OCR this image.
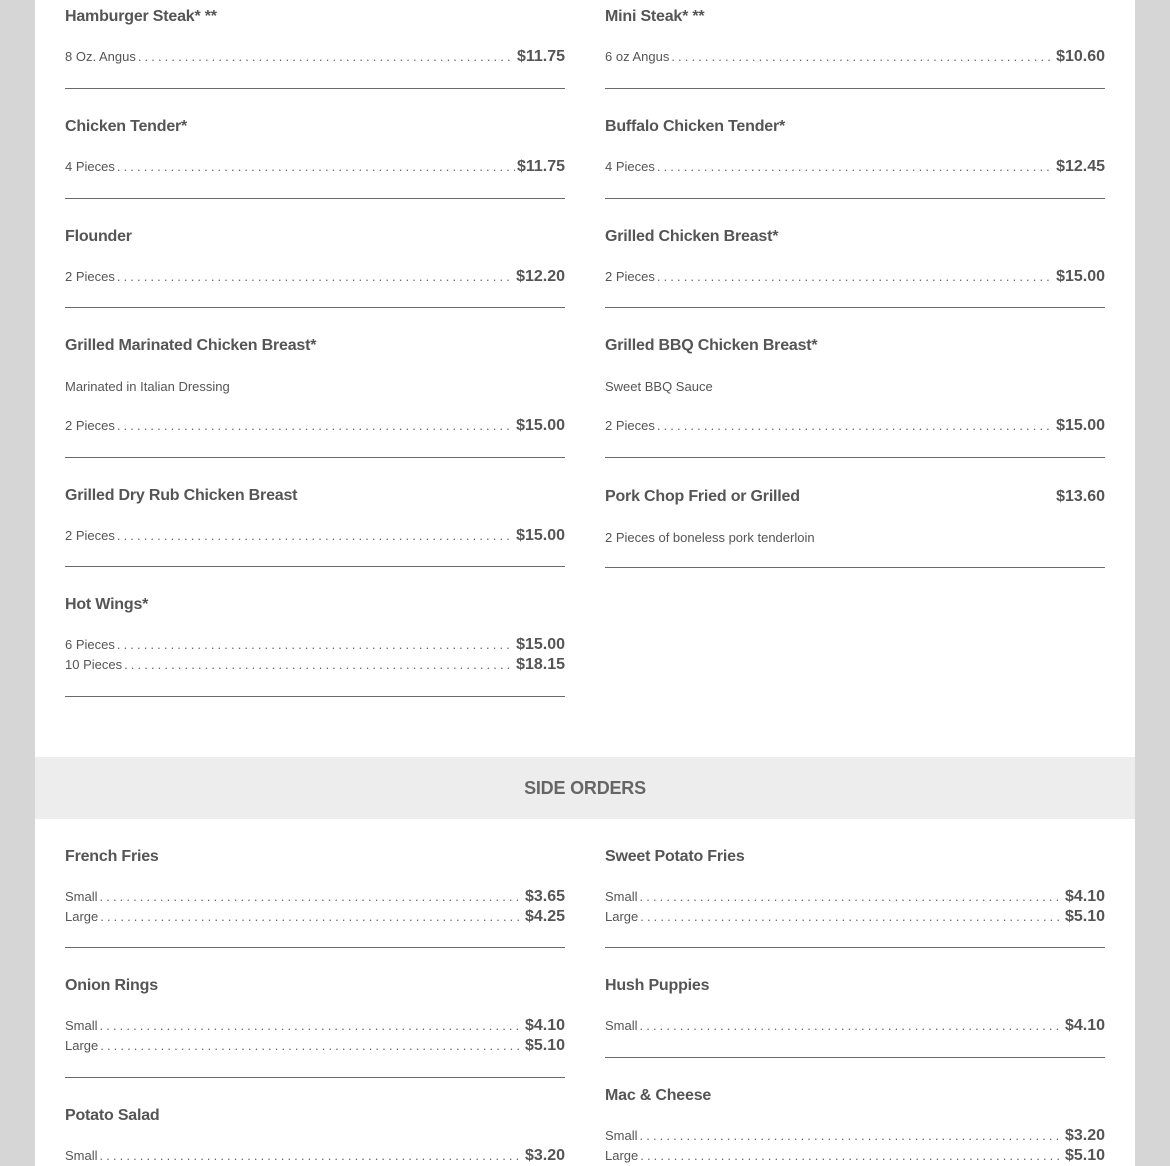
Hamburger Steak* **
8 Oz. Angus .....	$11.75
Chicken Tender*
4 Pieces .....	$11.75
Flounder
2 Pieces .....	$12.20
Grilled Marinated Chicken Breast*
Marinated in Italian Dressing
2 Pieces .....	$15.00
Grilled Dry Rub Chicken Breast
2 Pieces .....	$15.00
Hot Wings*
6 Pieces .....	$15.00
10 Pieces .....	$18.15
Mini Steak* **
6 oz Angus .....	$10.60
Buffalo Chicken Tender*
4 Pieces .....	$12.45
Grilled Chicken Breast*
2 Pieces .....	$15.00
Grilled BBQ Chicken Breast*
Sweet BBQ Sauce
2 Pieces .....	$15.00
Pork Chop Fried or Grilled	$13.60
2 Pieces of boneless pork tenderloin
SIDE ORDERS
French Fries
Small .....	$3.65
Large .....	$4.25
Onion Rings
Small .....	$4.10
Large .....	$5.10
Potato Salad
Small .....	$3.20
Sweet Potato Fries
Small .....	$4.10
Large .....	$5.10
Hush Puppies
Small .....	$4.10
Mac & Cheese
Small .....	$3.20
Large .....	$5.10
